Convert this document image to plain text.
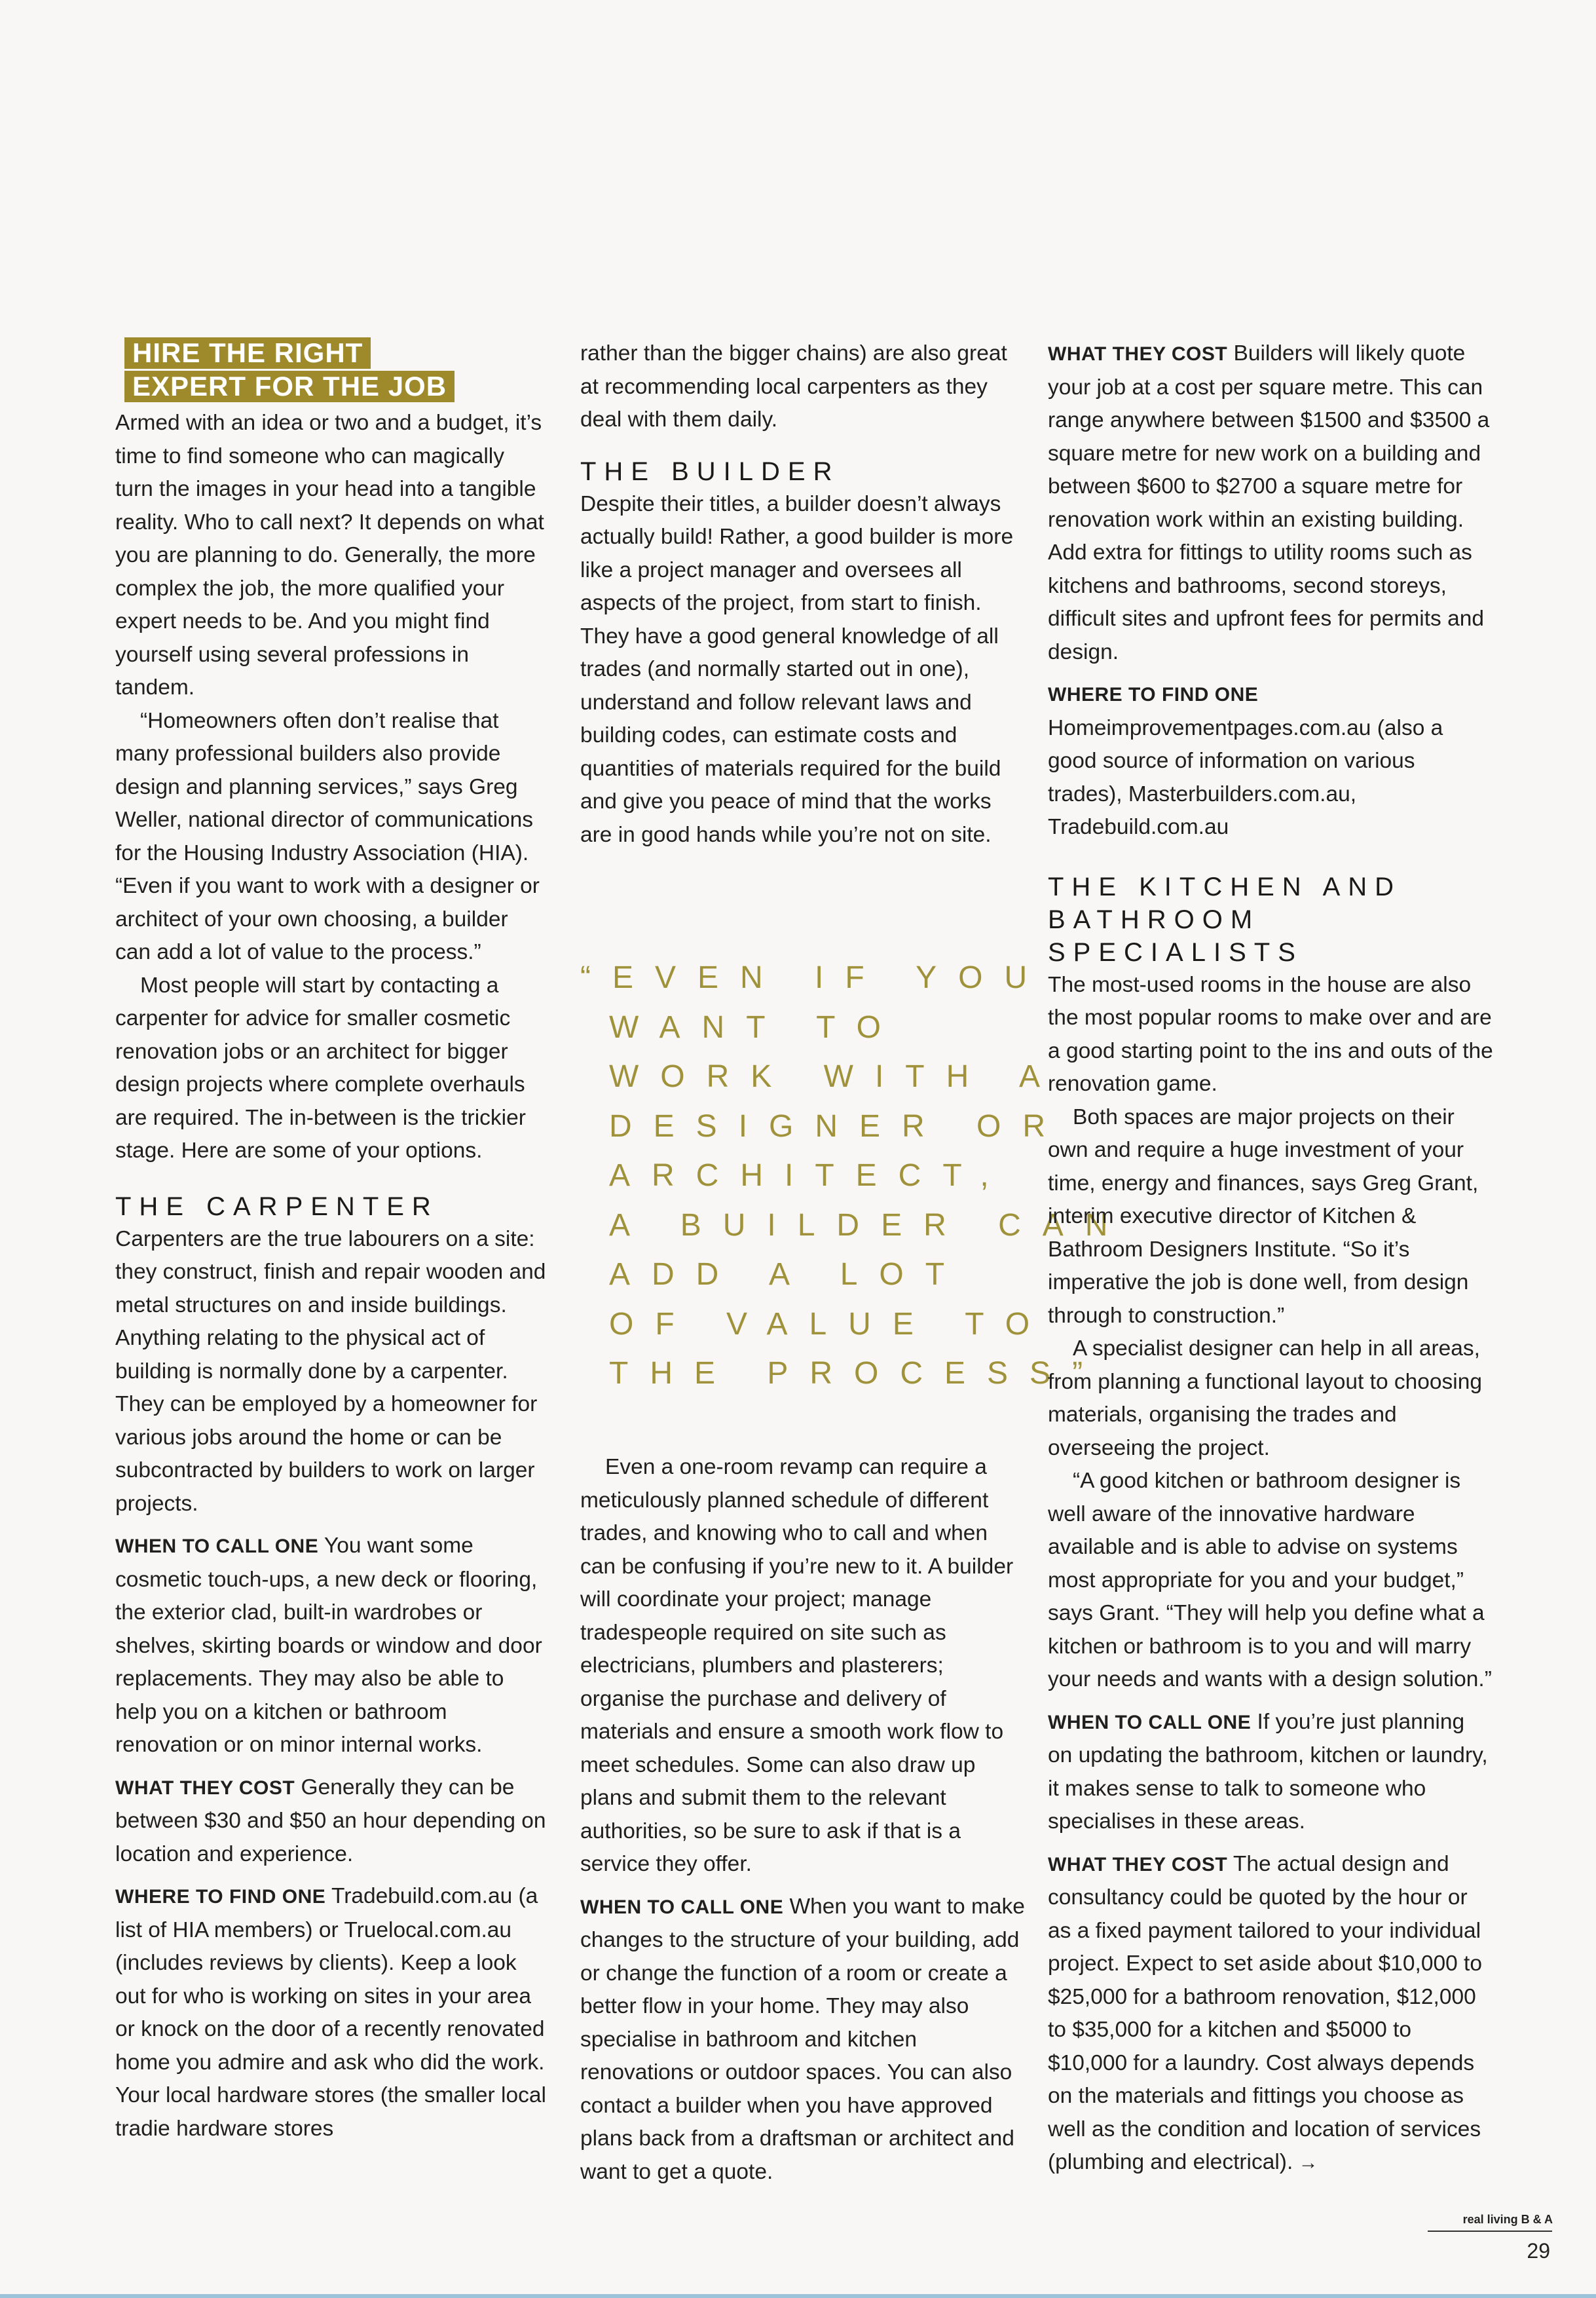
HIRE THE RIGHT
EXPERT FOR THE JOB

Armed with an idea or two and a budget, it’s time to find someone who can magically turn the images in your head into a tangible reality. Who to call next? It depends on what you are planning to do. Generally, the more complex the job, the more qualified your expert needs to be. And you might find yourself using several professions in tandem.

“Homeowners often don’t realise that many professional builders also provide design and planning services,” says Greg Weller, national director of communications for the Housing Industry Association (HIA). “Even if you want to work with a designer or architect of your own choosing, a builder can add a lot of value to the process.”

Most people will start by contacting a carpenter for advice for smaller cosmetic renovation jobs or an architect for bigger design projects where complete overhauls are required. The in-between is the trickier stage. Here are some of your options.

THE CARPENTER

Carpenters are the true labourers on a site: they construct, finish and repair wooden and metal structures on and inside buildings. Anything relating to the physical act of building is normally done by a carpenter. They can be employed by a homeowner for various jobs around the home or can be subcontracted by builders to work on larger projects.

WHEN TO CALL ONE You want some cosmetic touch-ups, a new deck or flooring, the exterior clad, built-in wardrobes or shelves, skirting boards or window and door replacements. They may also be able to help you on a kitchen or bathroom renovation or on minor internal works.

WHAT THEY COST Generally they can be between $30 and $50 an hour depending on location and experience.

WHERE TO FIND ONE Tradebuild.com.au (a list of HIA members) or Truelocal.com.au (includes reviews by clients). Keep a look out for who is working on sites in your area or knock on the door of a recently renovated home you admire and ask who did the work. Your local hardware stores (the smaller local tradie hardware stores

rather than the bigger chains) are also great at recommending local carpenters as they deal with them daily.

THE BUILDER

Despite their titles, a builder doesn’t always actually build! Rather, a good builder is more like a project manager and oversees all aspects of the project, from start to finish. They have a good general knowledge of all trades (and normally started out in one), understand and follow relevant laws and building codes, can estimate costs and quantities of materials required for the build and give you peace of mind that the works are in good hands while you’re not on site.

“EVEN IF YOU
WANT TO
WORK WITH A
DESIGNER OR
ARCHITECT,
A BUILDER CAN
ADD A LOT
OF VALUE TO
THE PROCESS”

Even a one-room revamp can require a meticulously planned schedule of different trades, and knowing who to call and when can be confusing if you’re new to it. A builder will coordinate your project; manage tradespeople required on site such as electricians, plumbers and plasterers; organise the purchase and delivery of materials and ensure a smooth work flow to meet schedules. Some can also draw up plans and submit them to the relevant authorities, so be sure to ask if that is a service they offer.

WHEN TO CALL ONE When you want to make changes to the structure of your building, add or change the function of a room or create a better flow in your home. They may also specialise in bathroom and kitchen renovations or outdoor spaces. You can also contact a builder when you have approved plans back from a draftsman or architect and want to get a quote.

WHAT THEY COST Builders will likely quote your job at a cost per square metre. This can range anywhere between $1500 and $3500 a square metre for new work on a building and between $600 to $2700 a square metre for renovation work within an existing building. Add extra for fittings to utility rooms such as kitchens and bathrooms, second storeys, difficult sites and upfront fees for permits and design.

WHERE TO FIND ONE

Homeimprovementpages.com.au (also a good source of information on various trades), Masterbuilders.com.au, Tradebuild.com.au

THE KITCHEN AND
BATHROOM SPECIALISTS

The most-used rooms in the house are also the most popular rooms to make over and are a good starting point to the ins and outs of the renovation game.

Both spaces are major projects on their own and require a huge investment of your time, energy and finances, says Greg Grant, interim executive director of Kitchen & Bathroom Designers Institute. “So it’s imperative the job is done well, from design through to construction.”

A specialist designer can help in all areas, from planning a functional layout to choosing materials, organising the trades and overseeing the project.

“A good kitchen or bathroom designer is well aware of the innovative hardware available and is able to advise on systems most appropriate for you and your budget,” says Grant. “They will help you define what a kitchen or bathroom is to you and will marry your needs and wants with a design solution.”

WHEN TO CALL ONE If you’re just planning on updating the bathroom, kitchen or laundry, it makes sense to talk to someone who specialises in these areas.

WHAT THEY COST The actual design and consultancy could be quoted by the hour or as a fixed payment tailored to your individual project. Expect to set aside about $10,000 to $25,000 for a bathroom renovation, $12,000 to $35,000 for a kitchen and $5000 to $10,000 for a laundry. Cost always depends on the materials and fittings you choose as well as the condition and location of services (plumbing and electrical). →

real living B & A
29
